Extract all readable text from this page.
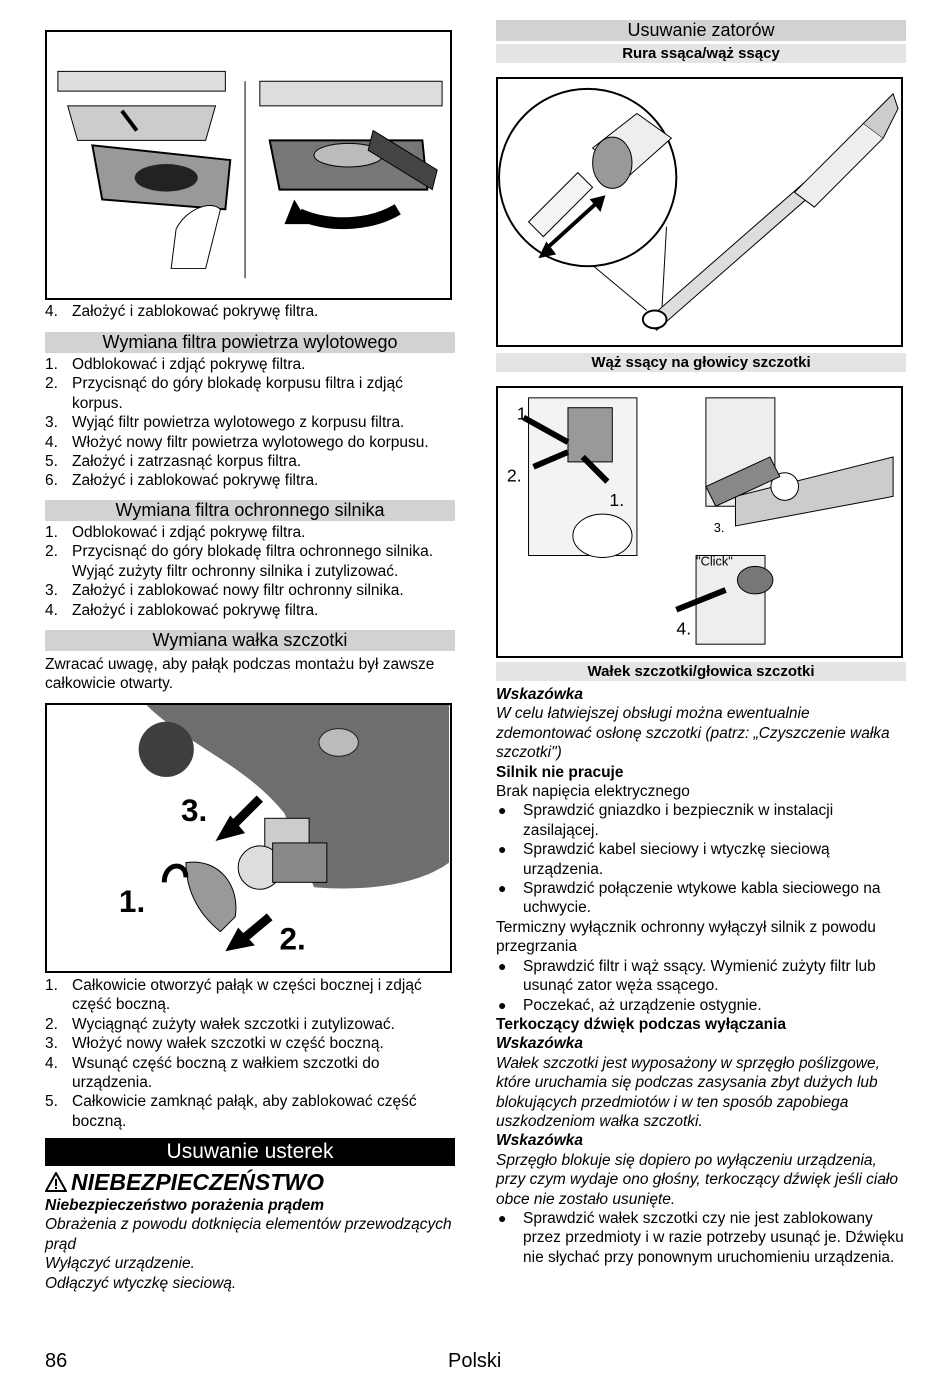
4. Założyć i zablokować pokrywę filtra.
Wymiana filtra powietrza wylotowego
1. Odblokować i zdjąć pokrywę filtra.
2. Przycisnąć do góry blokadę korpusu filtra i zdjąć korpus.
3. Wyjąć filtr powietrza wylotowego z korpusu filtra.
4. Włożyć nowy filtr powietrza wylotowego do korpusu.
5. Założyć i zatrzasnąć korpus filtra.
6. Założyć i zablokować pokrywę filtra.
Wymiana filtra ochronnego silnika
1. Odblokować i zdjąć pokrywę filtra.
2. Przycisnąć do góry blokadę filtra ochronnego silnika. Wyjąć zużyty filtr ochronny silnika i zutylizować.
3. Założyć i zablokować nowy filtr ochronny silnika.
4. Założyć i zablokować pokrywę filtra.
Wymiana wałka szczotki
Zwracać uwagę, aby pałąk podczas montażu był zawsze całkowicie otwarty.
3.
1.
2.
1. Całkowicie otworzyć pałąk w części bocznej i zdjąć część boczną.
2. Wyciągnąć zużyty wałek szczotki i zutylizować.
3. Włożyć nowy wałek szczotki w część boczną.
4. Wsunąć część boczną z wałkiem szczotki do urządzenia.
5. Całkowicie zamknąć pałąk, aby zablokować część boczną.
Usuwanie usterek
NIEBEZPIECZEŃSTWO

Niebezpieczeństwo porażenia prądem

Obrażenia z powodu dotknięcia elementów przewodzących prąd

Wyłączyć urządzenie.

Odłączyć wtyczkę sieciową.

Usuwanie zatorów
Rura ssąca/wąż ssący
Wąż ssący na głowicy szczotki
1.
2.
1.
3.
"Click"
4.
Wałek szczotki/głowica szczotki

Wskazówka

W celu łatwiejszej obsługi można ewentualnie zdemontować osłonę szczotki (patrz: „Czyszczenie wałka szczotki")

Silnik nie pracuje

Brak napięcia elektrycznego

● Sprawdzić gniazdko i bezpiecznik w instalacji zasilającej.
● Sprawdzić kabel sieciowy i wtyczkę sieciową urządzenia.
● Sprawdzić połączenie wtykowe kabla sieciowego na uchwycie.

Termiczny wyłącznik ochronny wyłączył silnik z powodu przegrzania

● Sprawdzić filtr i wąż ssący. Wymienić zużyty filtr lub usunąć zator węża ssącego.
● Poczekać, aż urządzenie ostygnie.

Terkoczący dźwięk podczas wyłączania

Wskazówka

Wałek szczotki jest wyposażony w sprzęgło poślizgowe, które uruchamia się podczas zasysania zbyt dużych lub blokujących przedmiotów i w ten sposób zapobiega uszkodzeniom wałka szczotki.

Wskazówka

Sprzęgło blokuje się dopiero po wyłączeniu urządzenia, przy czym wydaje ono głośny, terkoczący dźwięk jeśli ciało obce nie zostało usunięte.

● Sprawdzić wałek szczotki czy nie jest zablokowany przez przedmioty i w razie potrzeby usunąć je. Dźwięku nie słychać przy ponownym uruchomieniu urządzenia.
86	Polski
